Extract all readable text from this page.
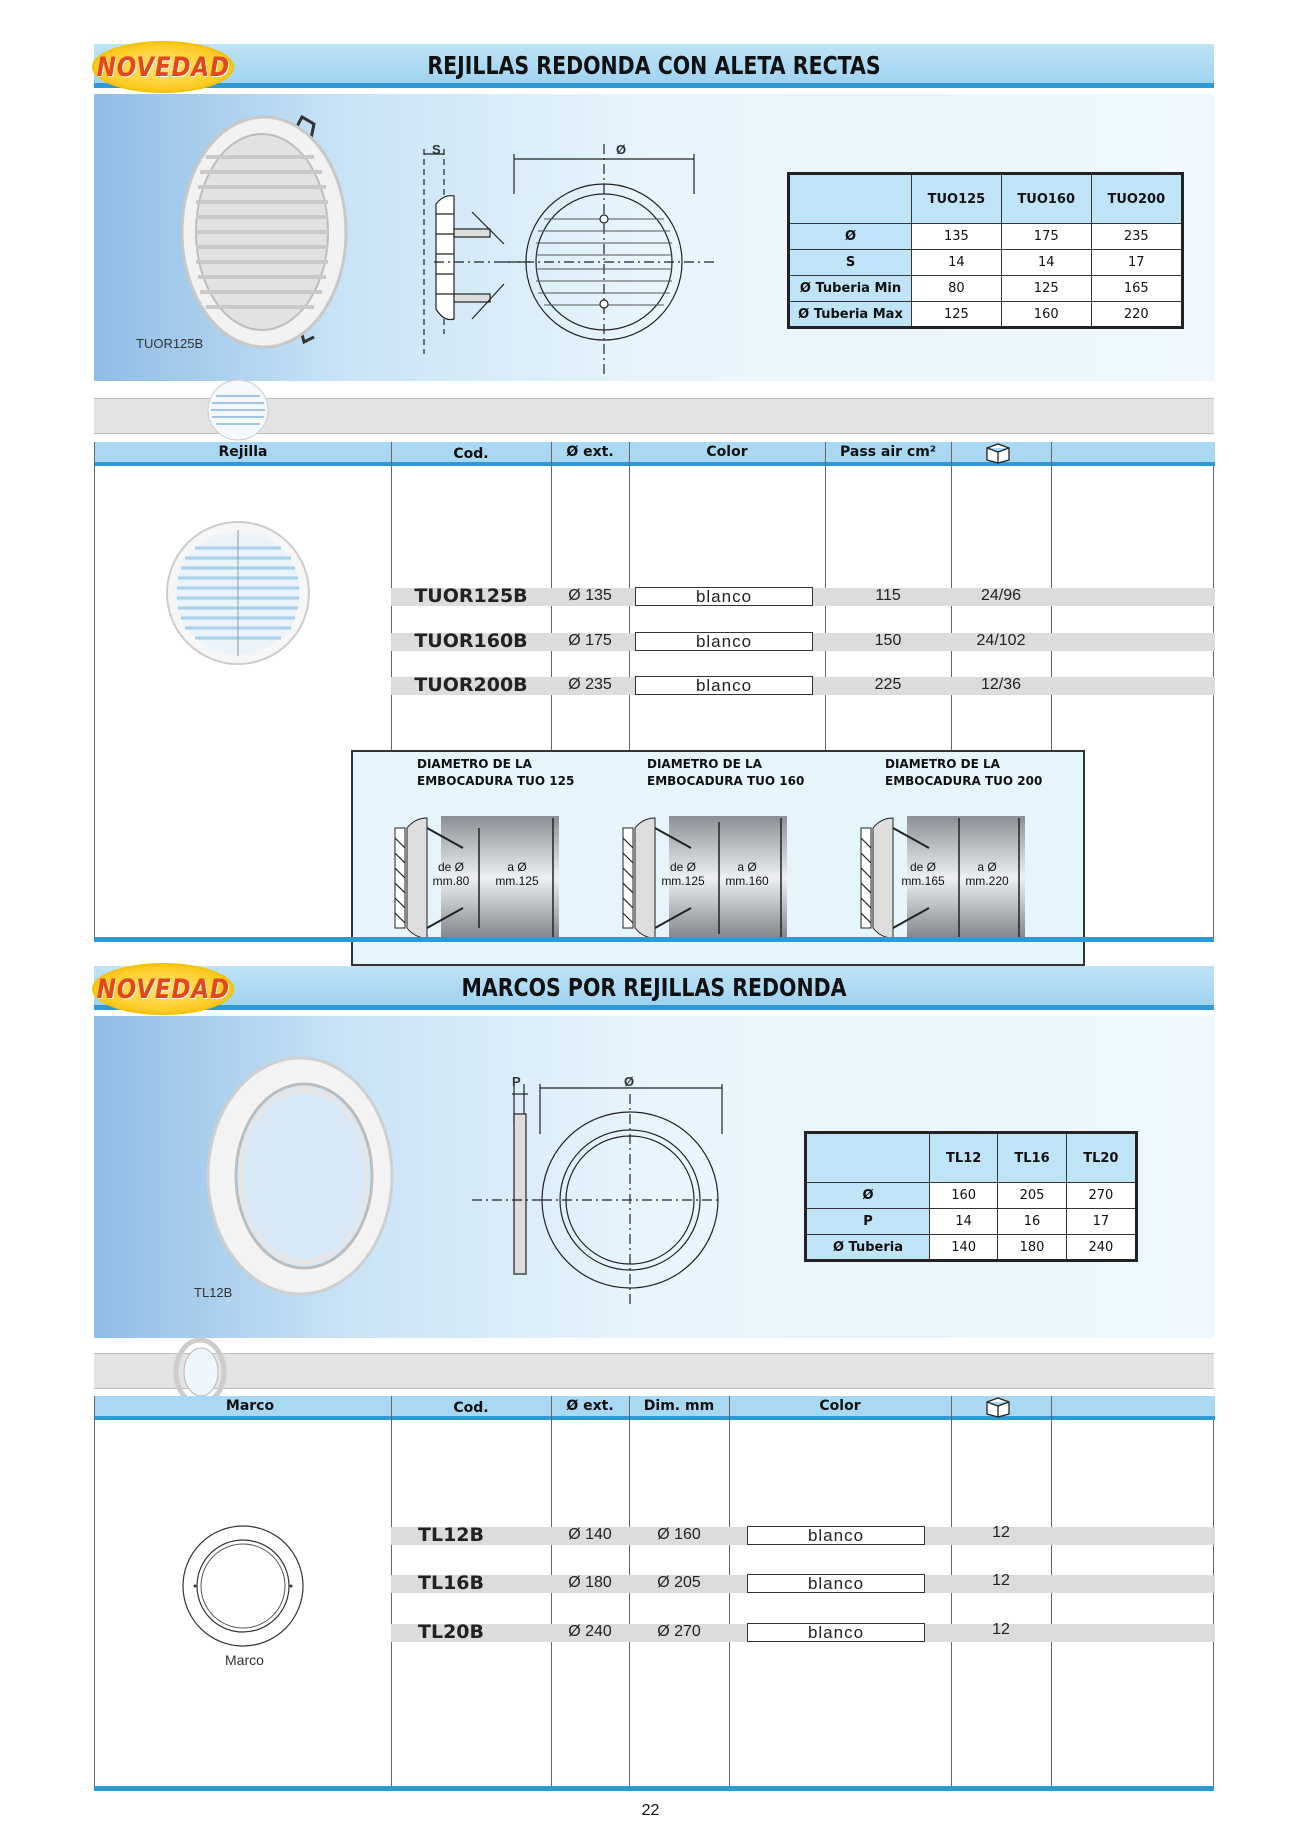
REJILLAS REDONDA CON ALETA RECTAS
NOVEDAD
TUOR125B
S	Ø
	TUO125	TUO160	TUO200
Ø	135	175	235
S	14	14	17
Ø Tuberia Min	80	125	165
Ø Tuberia Max	125	160	220
Rejilla	Cod.	Ø ext.	Color	Pass air cm²
TUOR125B	Ø 135	blanco	115	24/96
TUOR160B	Ø 175	blanco	150	24/102
TUOR200B	Ø 235	blanco	225	12/36
DIAMETRO DE LA
EMBOCADURA TUO 125
de Ø
mm.80
a Ø
mm.125
DIAMETRO DE LA
EMBOCADURA TUO 160
de Ø
mm.125
a Ø
mm.160
DIAMETRO DE LA
EMBOCADURA TUO 200
de Ø
mm.165
a Ø
mm.220
MARCOS POR REJILLAS REDONDA
NOVEDAD
TL12B
P	Ø
	TL12	TL16	TL20
Ø	160	205	270
P	14	16	17
Ø Tuberia	140	180	240
Marco	Cod.	Ø ext.	Dim. mm	Color
Marco
TL12B	Ø 140	Ø 160	blanco	12
TL16B	Ø 180	Ø 205	blanco	12
TL20B	Ø 240	Ø 270	blanco	12
22
